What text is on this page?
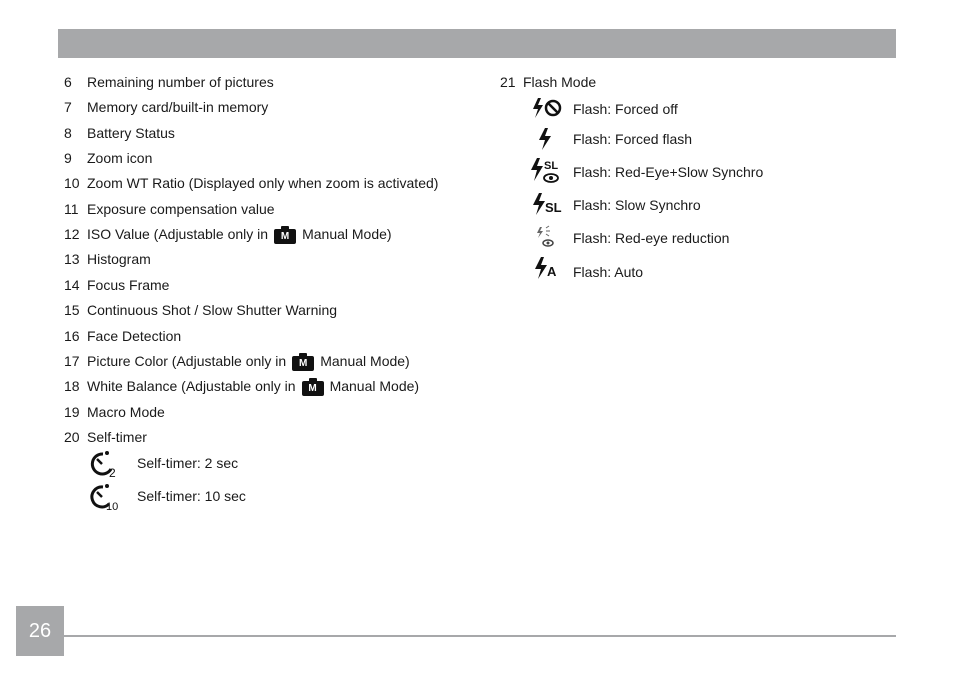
6	Remaining number of pictures
7	Memory card/built-in memory
8	Battery Status
9	Zoom icon
10 Zoom WT Ratio (Displayed only when zoom is activated)
11 Exposure compensation value
12 ISO Value (Adjustable only in	M Manual Mode)
13 Histogram
14 Focus Frame
15 Continuous Shot / Slow Shutter Warning
16 Face Detection
17 Picture Color (Adjustable only in	M Manual Mode)
18 White Balance (Adjustable only in	M Manual Mode)
19 Macro Mode
20 Self-timer
2
Self-timer: 2 sec
10
Self-timer: 10 sec
21 Flash Mode
Flash: Forced off
Flash: Forced flash
SL Flash: Red-Eye+Slow Synchro
SL Flash: Slow Synchro
Flash: Red-eye reduction
A Flash: Auto
26
